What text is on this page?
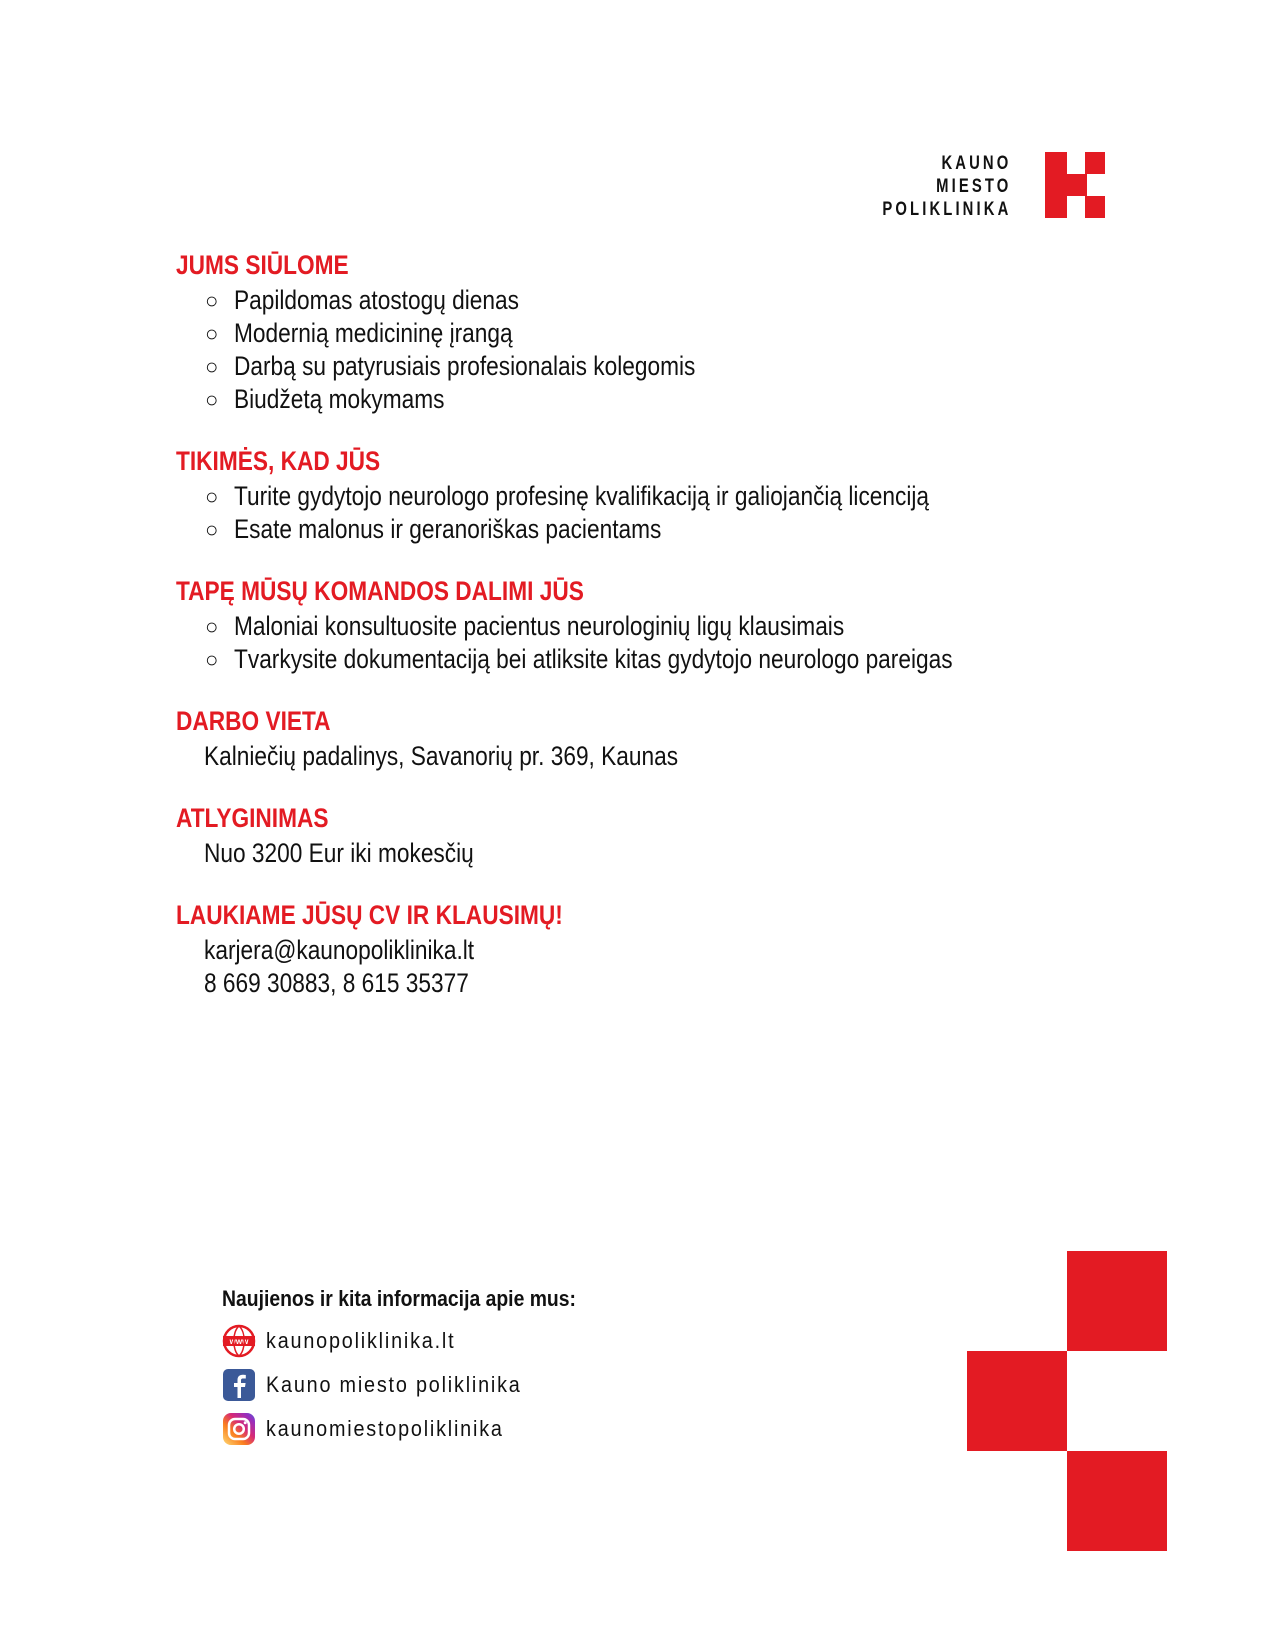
KAUNO
MIESTO
POLIKLINIKA
JUMS SIŪLOME
○ Papildomas atostogų dienas
○ Modernią medicininę įrangą
○ Darbą su patyrusiais profesionalais kolegomis
○ Biudžetą mokymams
TIKIMĖS, KAD JŪS
○ Turite gydytojo neurologo profesinę kvalifikaciją ir galiojančią licenciją
○ Esate malonus ir geranoriškas pacientams
TAPĘ MŪSŲ KOMANDOS DALIMI JŪS
○ Maloniai konsultuosite pacientus neurologinių ligų klausimais
○ Tvarkysite dokumentaciją bei atliksite kitas gydytojo neurologo pareigas
DARBO VIETA
Kalniečių padalinys, Savanorių pr. 369, Kaunas
ATLYGINIMAS
Nuo 3200 Eur iki mokesčių
LAUKIAME JŪSŲ CV IR KLAUSIMŲ!
karjera@kaunopoliklinika.lt
8 669 30883, 8 615 35377
Naujienos ir kita informacija apie mus:
www kaunopoliklinika.lt
Kauno miesto poliklinika
kaunomiestopoliklinika
